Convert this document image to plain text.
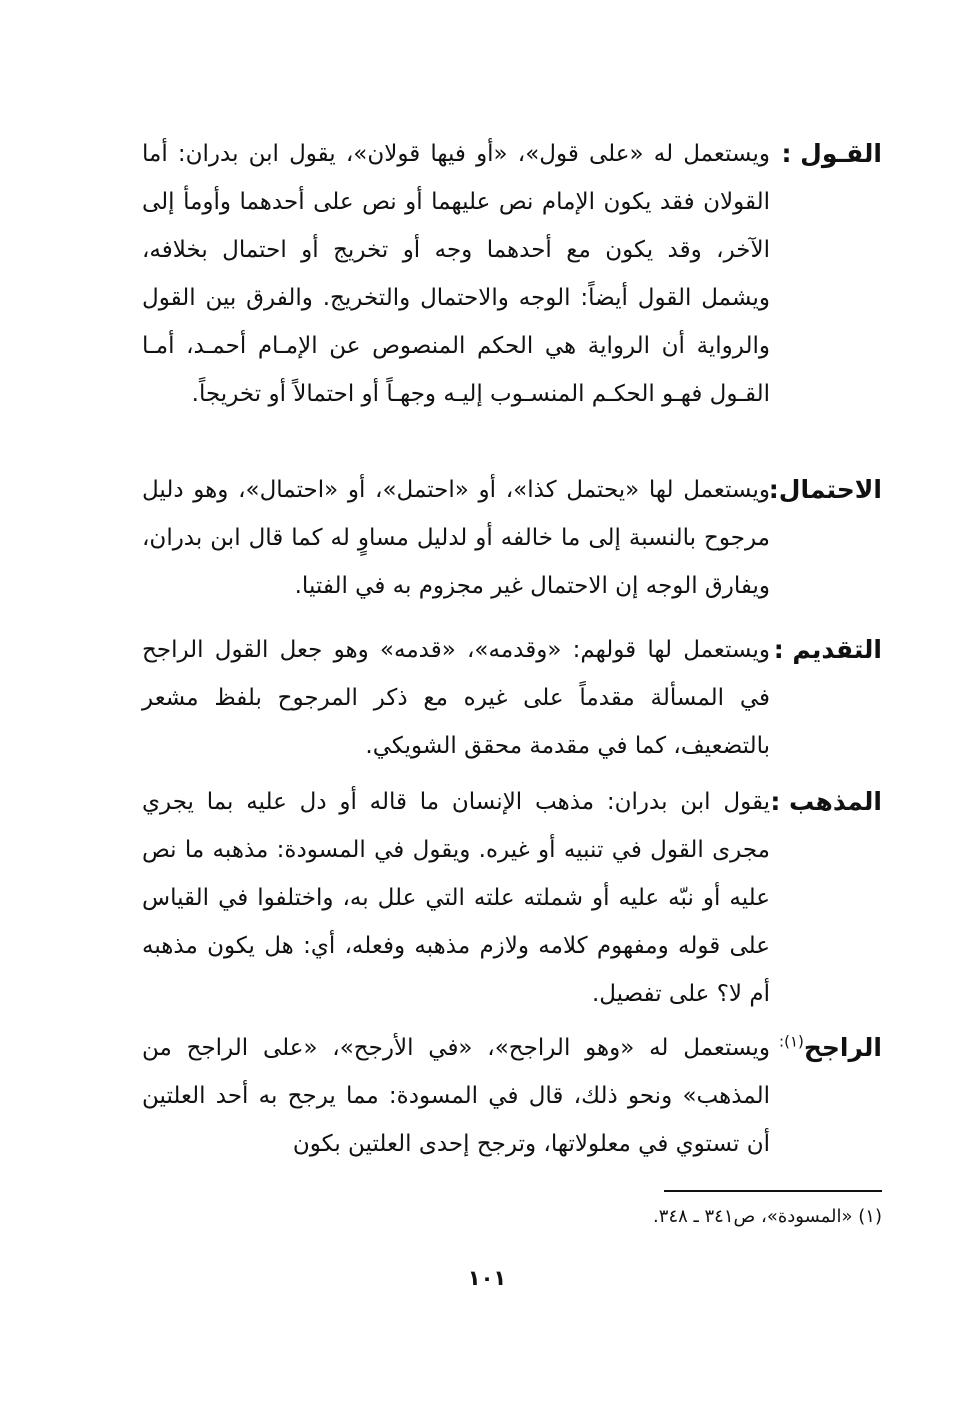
القـول :
ويستعمل له «على قول»، «أو فيها قولان»، يقول ابن بدران: أما القولان فقد يكون الإمام نص عليهما أو نص على أحدهما وأومأ إلى الآخر، وقد يكون مع أحدهما وجه أو تخريج أو احتمال بخلافه، ويشمل القول أيضاً: الوجه والاحتمال والتخريج. والفرق بين القول والرواية أن الرواية هي الحكم المنصوص عن الإمـام أحمـد، أمـا القـول فهـو الحكـم المنسـوب إليـه وجهـاً أو احتمالاً أو تخريجاً.
الاحتمال:
ويستعمل لها «يحتمل كذا»، أو «احتمل»، أو «احتمال»، وهو دليل مرجوح بالنسبة إلى ما خالفه أو لدليل مساوٍ له كما قال ابن بدران، ويفارق الوجه إن الاحتمال غير مجزوم به في الفتيا.
التقديم :
ويستعمل لها قولهم: «وقدمه»، «قدمه» وهو جعل القول الراجح في المسألة مقدماً على غيره مع ذكر المرجوح بلفظ مشعر بالتضعيف، كما في مقدمة محقق الشويكي.
المذهب :
يقول ابن بدران: مذهب الإنسان ما قاله أو دل عليه بما يجري مجرى القول في تنبيه أو غيره. ويقول في المسودة: مذهبه ما نص عليه أو نبّه عليه أو شملته علته التي علل به، واختلفوا في القياس على قوله ومفهوم كلامه ولازم مذهبه وفعله، أي: هل يكون مذهبه أم لا؟ على تفصيل.
الراجح$^{(١):}$
ويستعمل له «وهو الراجح»، «في الأرجح»، «على الراجح من المذهب» ونحو ذلك، قال في المسودة: مما يرجح به أحد العلتين أن تستوي في معلولاتها، وترجح إحدى العلتين بكون
(١) «المسودة»، ص٣٤١ ـ ٣٤٨.
١٠١
